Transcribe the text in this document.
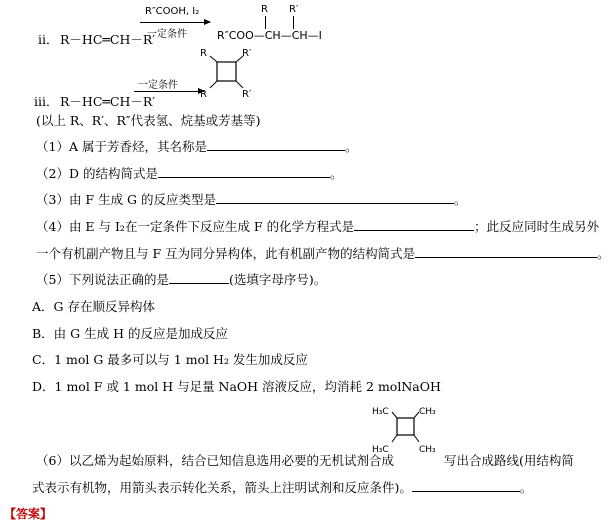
ii． R－HC═CH－R′
R″COOH, I₂
一定条件
R R′
R″COO—CH—CH—I
iii． R－HC═CH－R′
一定条件
R	R′
R	R′
(以上 R、R′、R″代表氢、烷基或芳基等)
（1）A 属于芳香烃，其名称是	。
（2）D 的结构简式是	。
（3）由 F 生成 G 的反应类型是	。
（4）由 E 与 I₂在一定条件下反应生成 F 的化学方程式是	；此反应同时生成另外
一个有机副产物且与 F 互为同分异构体，此有机副产物的结构简式是	。
（5）下列说法正确的是	(选填字母序号)。
A．G 存在顺反异构体
B．由 G 生成 H 的反应是加成反应
C．1 mol G 最多可以与 1 mol H₂ 发生加成反应
D．1 mol F 或 1 mol H 与足量 NaOH 溶液反应，均消耗 2 molNaOH
H₃C	CH₃
H₃C	CH₃
（6）以乙烯为起始原料，结合已知信息选用必要的无机试剂合成	写出合成路线(用结构简
式表示有机物，用箭头表示转化关系，箭头上注明试剂和反应条件)。	。
【答案】
